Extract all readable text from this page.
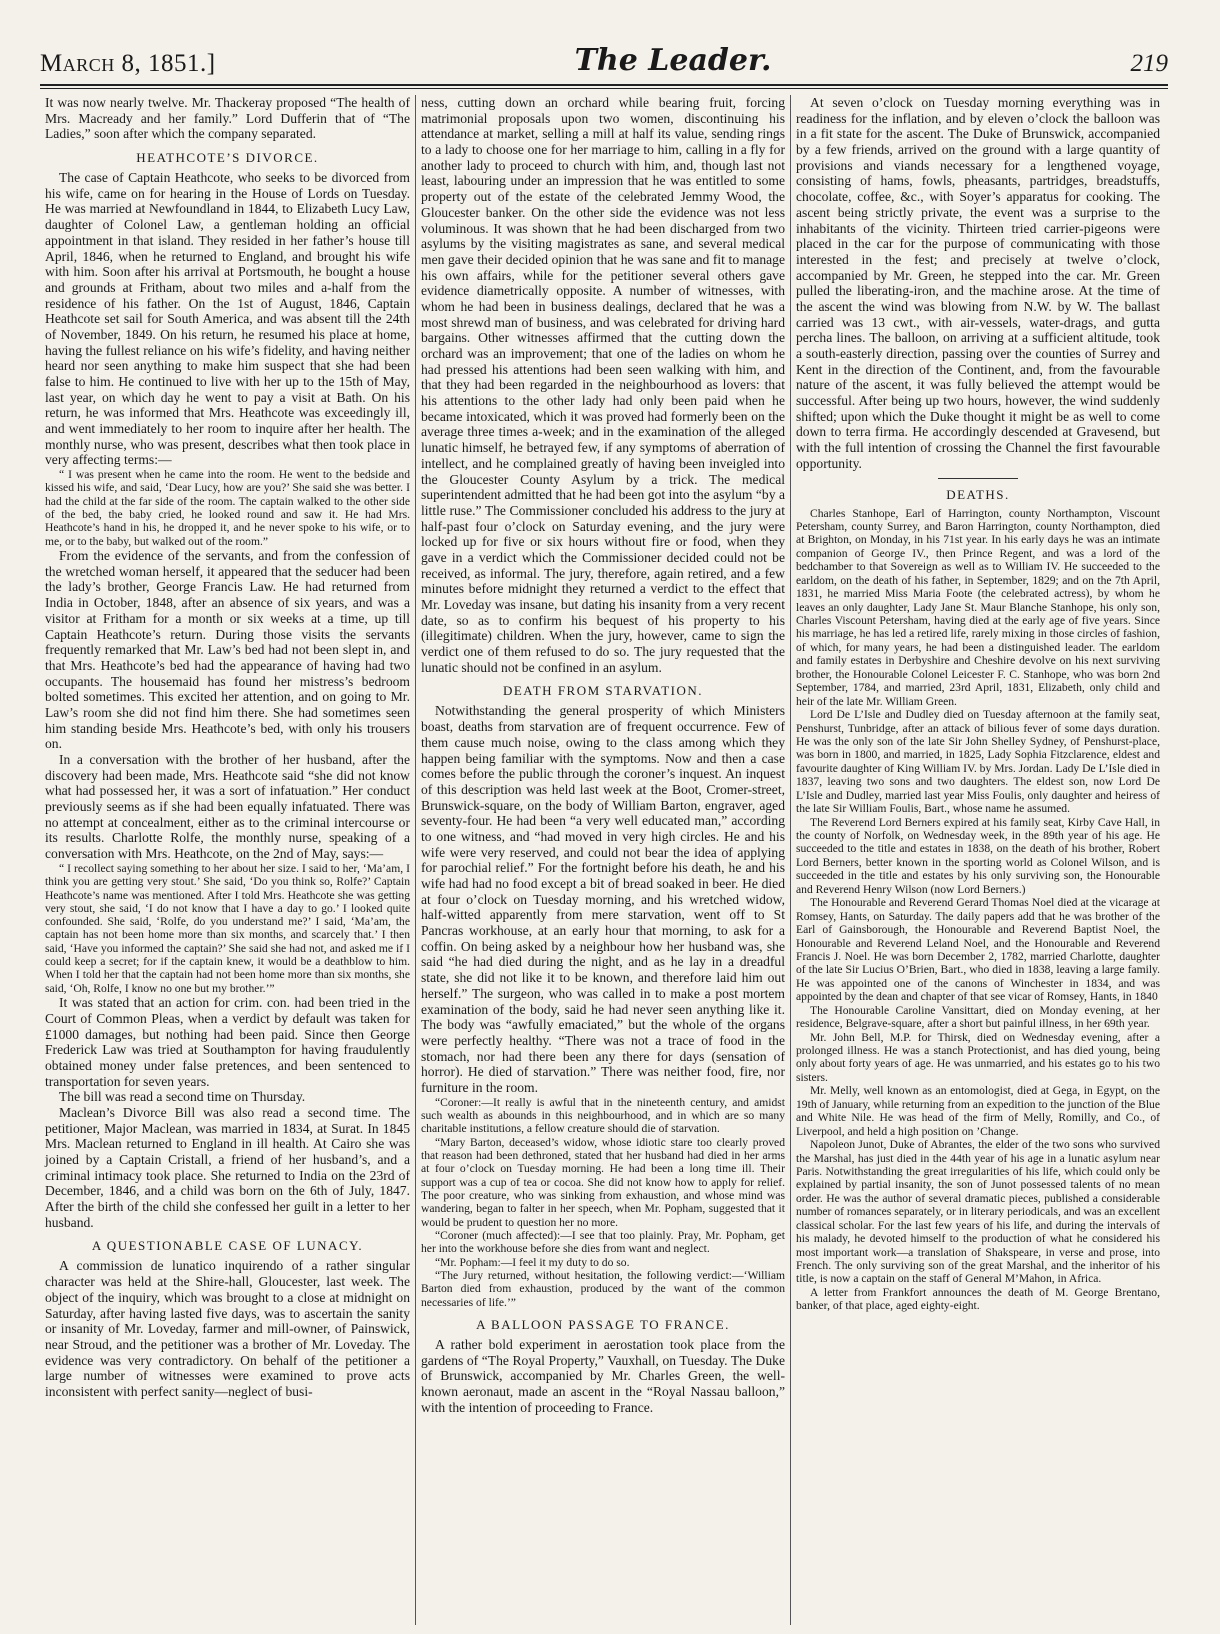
March 8, 1851.]	The Leader.	219

It was now nearly twelve. Mr. Thackeray proposed “The health of Mrs. Macready and her family.” Lord Dufferin that of “The Ladies,” soon after which the company separated.

HEATHCOTE’S DIVORCE.

The case of Captain Heathcote, who seeks to be divorced from his wife, came on for hearing in the House of Lords on Tuesday. He was married at Newfoundland in 1844, to Elizabeth Lucy Law, daughter of Colonel Law, a gentleman holding an official appointment in that island. They resided in her father’s house till April, 1846, when he returned to England, and brought his wife with him. Soon after his arrival at Portsmouth, he bought a house and grounds at Fritham, about two miles and a-half from the residence of his father. On the 1st of August, 1846, Captain Heathcote set sail for South America, and was absent till the 24th of November, 1849. On his return, he resumed his place at home, having the fullest reliance on his wife’s fidelity, and having neither heard nor seen anything to make him suspect that she had been false to him. He continued to live with her up to the 15th of May, last year, on which day he went to pay a visit at Bath. On his return, he was informed that Mrs. Heathcote was exceedingly ill, and went immediately to her room to inquire after her health. The monthly nurse, who was present, describes what then took place in very affecting terms:—

“ I was present when he came into the room. He went to the bedside and kissed his wife, and said, ‘Dear Lucy, how are you?’ She said she was better. I had the child at the far side of the room. The captain walked to the other side of the bed, the baby cried, he looked round and saw it. He had Mrs. Heathcote’s hand in his, he dropped it, and he never spoke to his wife, or to me, or to the baby, but walked out of the room.”

From the evidence of the servants, and from the confession of the wretched woman herself, it appeared that the seducer had been the lady’s brother, George Francis Law. He had returned from India in October, 1848, after an absence of six years, and was a visitor at Fritham for a month or six weeks at a time, up till Captain Heathcote’s return. During those visits the servants frequently remarked that Mr. Law’s bed had not been slept in, and that Mrs. Heathcote’s bed had the appearance of having had two occupants. The housemaid has found her mistress’s bedroom bolted sometimes. This excited her attention, and on going to Mr. Law’s room she did not find him there. She had sometimes seen him standing beside Mrs. Heathcote’s bed, with only his trousers on.

In a conversation with the brother of her husband, after the discovery had been made, Mrs. Heathcote said “she did not know what had possessed her, it was a sort of infatuation.” Her conduct previously seems as if she had been equally infatuated. There was no attempt at concealment, either as to the criminal intercourse or its results. Charlotte Rolfe, the monthly nurse, speaking of a conversation with Mrs. Heathcote, on the 2nd of May, says:—

“ I recollect saying something to her about her size. I said to her, ‘Ma’am, I think you are getting very stout.’ She said, ‘Do you think so, Rolfe?’ Captain Heathcote’s name was mentioned. After I told Mrs. Heathcote she was getting very stout, she said, ‘I do not know that I have a day to go.’ I looked quite confounded. She said, ‘Rolfe, do you understand me?’ I said, ‘Ma’am, the captain has not been home more than six months, and scarcely that.’ I then said, ‘Have you informed the captain?’ She said she had not, and asked me if I could keep a secret; for if the captain knew, it would be a deathblow to him. When I told her that the captain had not been home more than six months, she said, ‘Oh, Rolfe, I know no one but my brother.’”

It was stated that an action for crim. con. had been tried in the Court of Common Pleas, when a verdict by default was taken for £1000 damages, but nothing had been paid. Since then George Frederick Law was tried at Southampton for having fraudulently obtained money under false pretences, and been sentenced to transportation for seven years.

The bill was read a second time on Thursday.

Maclean’s Divorce Bill was also read a second time. The petitioner, Major Maclean, was married in 1834, at Surat. In 1845 Mrs. Maclean returned to England in ill health. At Cairo she was joined by a Captain Cristall, a friend of her husband’s, and a criminal intimacy took place. She returned to India on the 23rd of December, 1846, and a child was born on the 6th of July, 1847. After the birth of the child she confessed her guilt in a letter to her husband.

A QUESTIONABLE CASE OF LUNACY.

A commission de lunatico inquirendo of a rather singular character was held at the Shire-hall, Gloucester, last week. The object of the inquiry, which was brought to a close at midnight on Saturday, after having lasted five days, was to ascertain the sanity or insanity of Mr. Loveday, farmer and mill-owner, of Painswick, near Stroud, and the petitioner was a brother of Mr. Loveday. The evidence was very contradictory. On behalf of the petitioner a large number of witnesses were examined to prove acts inconsistent with perfect sanity—neglect of busi-

ness, cutting down an orchard while bearing fruit, forcing matrimonial proposals upon two women, discontinuing his attendance at market, selling a mill at half its value, sending rings to a lady to choose one for her marriage to him, calling in a fly for another lady to proceed to church with him, and, though last not least, labouring under an impression that he was entitled to some property out of the estate of the celebrated Jemmy Wood, the Gloucester banker. On the other side the evidence was not less voluminous. It was shown that he had been discharged from two asylums by the visiting magistrates as sane, and several medical men gave their decided opinion that he was sane and fit to manage his own affairs, while for the petitioner several others gave evidence diametrically opposite. A number of witnesses, with whom he had been in business dealings, declared that he was a most shrewd man of business, and was celebrated for driving hard bargains. Other witnesses affirmed that the cutting down the orchard was an improvement; that one of the ladies on whom he had pressed his attentions had been seen walking with him, and that they had been regarded in the neighbourhood as lovers: that his attentions to the other lady had only been paid when he became intoxicated, which it was proved had formerly been on the average three times a-week; and in the examination of the alleged lunatic himself, he betrayed few, if any symptoms of aberration of intellect, and he complained greatly of having been inveigled into the Gloucester County Asylum by a trick. The medical superintendent admitted that he had been got into the asylum “by a little ruse.” The Commissioner concluded his address to the jury at half-past four o’clock on Saturday evening, and the jury were locked up for five or six hours without fire or food, when they gave in a verdict which the Commissioner decided could not be received, as informal. The jury, therefore, again retired, and a few minutes before midnight they returned a verdict to the effect that Mr. Loveday was insane, but dating his insanity from a very recent date, so as to confirm his bequest of his property to his (illegitimate) children. When the jury, however, came to sign the verdict one of them refused to do so. The jury requested that the lunatic should not be confined in an asylum.

DEATH FROM STARVATION.

Notwithstanding the general prosperity of which Ministers boast, deaths from starvation are of frequent occurrence. Few of them cause much noise, owing to the class among which they happen being familiar with the symptoms. Now and then a case comes before the public through the coroner’s inquest. An inquest of this description was held last week at the Boot, Cromer-street, Brunswick-square, on the body of William Barton, engraver, aged seventy-four. He had been “a very well educated man,” according to one witness, and “had moved in very high circles. He and his wife were very reserved, and could not bear the idea of applying for parochial relief.” For the fortnight before his death, he and his wife had had no food except a bit of bread soaked in beer. He died at four o’clock on Tuesday morning, and his wretched widow, half-witted apparently from mere starvation, went off to St Pancras workhouse, at an early hour that morning, to ask for a coffin. On being asked by a neighbour how her husband was, she said “he had died during the night, and as he lay in a dreadful state, she did not like it to be known, and therefore laid him out herself.” The surgeon, who was called in to make a post mortem examination of the body, said he had never seen anything like it. The body was “awfully emaciated,” but the whole of the organs were perfectly healthy. “There was not a trace of food in the stomach, nor had there been any there for days (sensation of horror). He died of starvation.” There was neither food, fire, nor furniture in the room.

“Coroner:—It really is awful that in the nineteenth century, and amidst such wealth as abounds in this neighbourhood, and in which are so many charitable institutions, a fellow creature should die of starvation.

“Mary Barton, deceased’s widow, whose idiotic stare too clearly proved that reason had been dethroned, stated that her husband had died in her arms at four o’clock on Tuesday morning. He had been a long time ill. Their support was a cup of tea or cocoa. She did not know how to apply for relief. The poor creature, who was sinking from exhaustion, and whose mind was wandering, began to falter in her speech, when Mr. Popham, suggested that it would be prudent to question her no more.

“Coroner (much affected):—I see that too plainly. Pray, Mr. Popham, get her into the workhouse before she dies from want and neglect.

“Mr. Popham:—I feel it my duty to do so.

“The Jury returned, without hesitation, the following verdict:—‘William Barton died from exhaustion, produced by the want of the common necessaries of life.’”

A BALLOON PASSAGE TO FRANCE.

A rather bold experiment in aerostation took place from the gardens of “The Royal Property,” Vauxhall, on Tuesday. The Duke of Brunswick, accompanied by Mr. Charles Green, the well-known aeronaut, made an ascent in the “Royal Nassau balloon,” with the intention of proceeding to France.

At seven o’clock on Tuesday morning everything was in readiness for the inflation, and by eleven o’clock the balloon was in a fit state for the ascent. The Duke of Brunswick, accompanied by a few friends, arrived on the ground with a large quantity of provisions and viands necessary for a lengthened voyage, consisting of hams, fowls, pheasants, partridges, breadstuffs, chocolate, coffee, &c., with Soyer’s apparatus for cooking. The ascent being strictly private, the event was a surprise to the inhabitants of the vicinity. Thirteen tried carrier-pigeons were placed in the car for the purpose of communicating with those interested in the fest; and precisely at twelve o’clock, accompanied by Mr. Green, he stepped into the car. Mr. Green pulled the liberating-iron, and the machine arose. At the time of the ascent the wind was blowing from N.W. by W. The ballast carried was 13 cwt., with air-vessels, water-drags, and gutta percha lines. The balloon, on arriving at a sufficient altitude, took a south-easterly direction, passing over the counties of Surrey and Kent in the direction of the Continent, and, from the favourable nature of the ascent, it was fully believed the attempt would be successful. After being up two hours, however, the wind suddenly shifted; upon which the Duke thought it might be as well to come down to terra firma. He accordingly descended at Gravesend, but with the full intention of crossing the Channel the first favourable opportunity.

DEATHS.

Charles Stanhope, Earl of Harrington, county Northampton, Viscount Petersham, county Surrey, and Baron Harrington, county Northampton, died at Brighton, on Monday, in his 71st year. In his early days he was an intimate companion of George IV., then Prince Regent, and was a lord of the bedchamber to that Sovereign as well as to William IV. He succeeded to the earldom, on the death of his father, in September, 1829; and on the 7th April, 1831, he married Miss Maria Foote (the celebrated actress), by whom he leaves an only daughter, Lady Jane St. Maur Blanche Stanhope, his only son, Charles Viscount Petersham, having died at the early age of five years. Since his marriage, he has led a retired life, rarely mixing in those circles of fashion, of which, for many years, he had been a distinguished leader. The earldom and family estates in Derbyshire and Cheshire devolve on his next surviving brother, the Honourable Colonel Leicester F. C. Stanhope, who was born 2nd September, 1784, and married, 23rd April, 1831, Elizabeth, only child and heir of the late Mr. William Green.

Lord De L’Isle and Dudley died on Tuesday afternoon at the family seat, Penshurst, Tunbridge, after an attack of bilious fever of some days duration. He was the only son of the late Sir John Shelley Sydney, of Penshurst-place, was born in 1800, and married, in 1825, Lady Sophia Fitzclarence, eldest and favourite daughter of King William IV. by Mrs. Jordan. Lady De L’Isle died in 1837, leaving two sons and two daughters. The eldest son, now Lord De L’Isle and Dudley, married last year Miss Foulis, only daughter and heiress of the late Sir William Foulis, Bart., whose name he assumed.

The Reverend Lord Berners expired at his family seat, Kirby Cave Hall, in the county of Norfolk, on Wednesday week, in the 89th year of his age. He succeeded to the title and estates in 1838, on the death of his brother, Robert Lord Berners, better known in the sporting world as Colonel Wilson, and is succeeded in the title and estates by his only surviving son, the Honourable and Reverend Henry Wilson (now Lord Berners.)

The Honourable and Reverend Gerard Thomas Noel died at the vicarage at Romsey, Hants, on Saturday. The daily papers add that he was brother of the Earl of Gainsborough, the Honourable and Reverend Baptist Noel, the Honourable and Reverend Leland Noel, and the Honourable and Reverend Francis J. Noel. He was born December 2, 1782, married Charlotte, daughter of the late Sir Lucius O’Brien, Bart., who died in 1838, leaving a large family. He was appointed one of the canons of Winchester in 1834, and was appointed by the dean and chapter of that see vicar of Romsey, Hants, in 1840

The Honourable Caroline Vansittart, died on Monday evening, at her residence, Belgrave-square, after a short but painful illness, in her 69th year.

Mr. John Bell, M.P. for Thirsk, died on Wednesday evening, after a prolonged illness. He was a stanch Protectionist, and has died young, being only about forty years of age. He was unmarried, and his estates go to his two sisters.

Mr. Melly, well known as an entomologist, died at Gega, in Egypt, on the 19th of January, while returning from an expedition to the junction of the Blue and White Nile. He was head of the firm of Melly, Romilly, and Co., of Liverpool, and held a high position on ’Change.

Napoleon Junot, Duke of Abrantes, the elder of the two sons who survived the Marshal, has just died in the 44th year of his age in a lunatic asylum near Paris. Notwithstanding the great irregularities of his life, which could only be explained by partial insanity, the son of Junot possessed talents of no mean order. He was the author of several dramatic pieces, published a considerable number of romances separately, or in literary periodicals, and was an excellent classical scholar. For the last few years of his life, and during the intervals of his malady, he devoted himself to the production of what he considered his most important work—a translation of Shakspeare, in verse and prose, into French. The only surviving son of the great Marshal, and the inheritor of his title, is now a captain on the staff of General M’Mahon, in Africa.

A letter from Frankfort announces the death of M. George Brentano, banker, of that place, aged eighty-eight.
